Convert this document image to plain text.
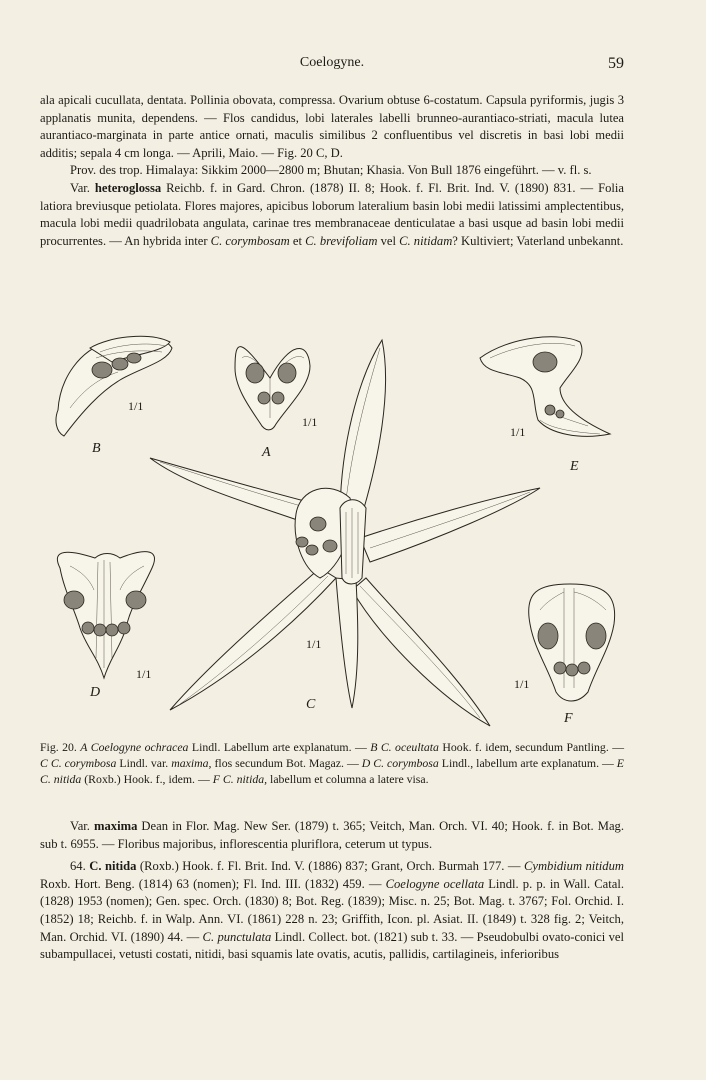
Coelogyne.	59

ala apicali cucullata, dentata. Pollinia obovata, compressa. Ovarium obtuse 6-costatum. Capsula pyriformis, jugis 3 applanatis munita, dependens. — Flos candidus, lobi laterales labelli brunneo-aurantiaco-striati, macula lutea aurantiaco-marginata in parte antice ornati, maculis similibus 2 confluentibus vel discretis in basi lobi medii additis; sepala 4 cm longa. — Aprili, Maio. — Fig. 20 C, D.

Prov. des trop. Himalaya: Sikkim 2000—2800 m; Bhutan; Khasia. Von Bull 1876 eingeführt. — v. fl. s.

Var. heteroglossa Reichb. f. in Gard. Chron. (1878) II. 8; Hook. f. Fl. Brit. Ind. V. (1890) 831. — Folia latiora breviusque petiolata. Flores majores, apicibus loborum lateralium basin lobi medii latissimi amplectentibus, macula lobi medii quadrilobata angulata, carinae tres membranaceae denticulatae a basi usque ad basin lobi medii procurrentes. — An hybrida inter C. corymbosam et C. brevifoliam vel C. nitidam? Kultiviert; Vaterland unbekannt.

1/1
B
1/1
A
1/1
E
1/1
C
1/1
D
1/1
F

Fig. 20. A Coelogyne ochracea Lindl. Labellum arte explanatum. — B C. oceultata Hook. f. idem, secundum Pantling. — C C. corymbosa Lindl. var. maxima, flos secundum Bot. Magaz. — D C. corymbosa Lindl., labellum arte explanatum. — E C. nitida (Roxb.) Hook. f., idem. — F C. nitida, labellum et columna a latere visa.

Var. maxima Dean in Flor. Mag. New Ser. (1879) t. 365; Veitch, Man. Orch. VI. 40; Hook. f. in Bot. Mag. sub t. 6955. — Floribus majoribus, inflorescentia pluriflora, ceterum ut typus.

64. C. nitida (Roxb.) Hook. f. Fl. Brit. Ind. V. (1886) 837; Grant, Orch. Burmah 177. — Cymbidium nitidum Roxb. Hort. Beng. (1814) 63 (nomen); Fl. Ind. III. (1832) 459. — Coelogyne ocellata Lindl. p. p. in Wall. Catal. (1828) 1953 (nomen); Gen. spec. Orch. (1830) 8; Bot. Reg. (1839); Misc. n. 25; Bot. Mag. t. 3767; Fol. Orchid. I. (1852) 18; Reichb. f. in Walp. Ann. VI. (1861) 228 n. 23; Griffith, Icon. pl. Asiat. II. (1849) t. 328 fig. 2; Veitch, Man. Orchid. VI. (1890) 44. — C. punctulata Lindl. Collect. bot. (1821) sub t. 33. — Pseudobulbi ovato-conici vel subampullacei, vetusti costati, nitidi, basi squamis late ovatis, acutis, pallidis, cartilagineis, inferioribus
